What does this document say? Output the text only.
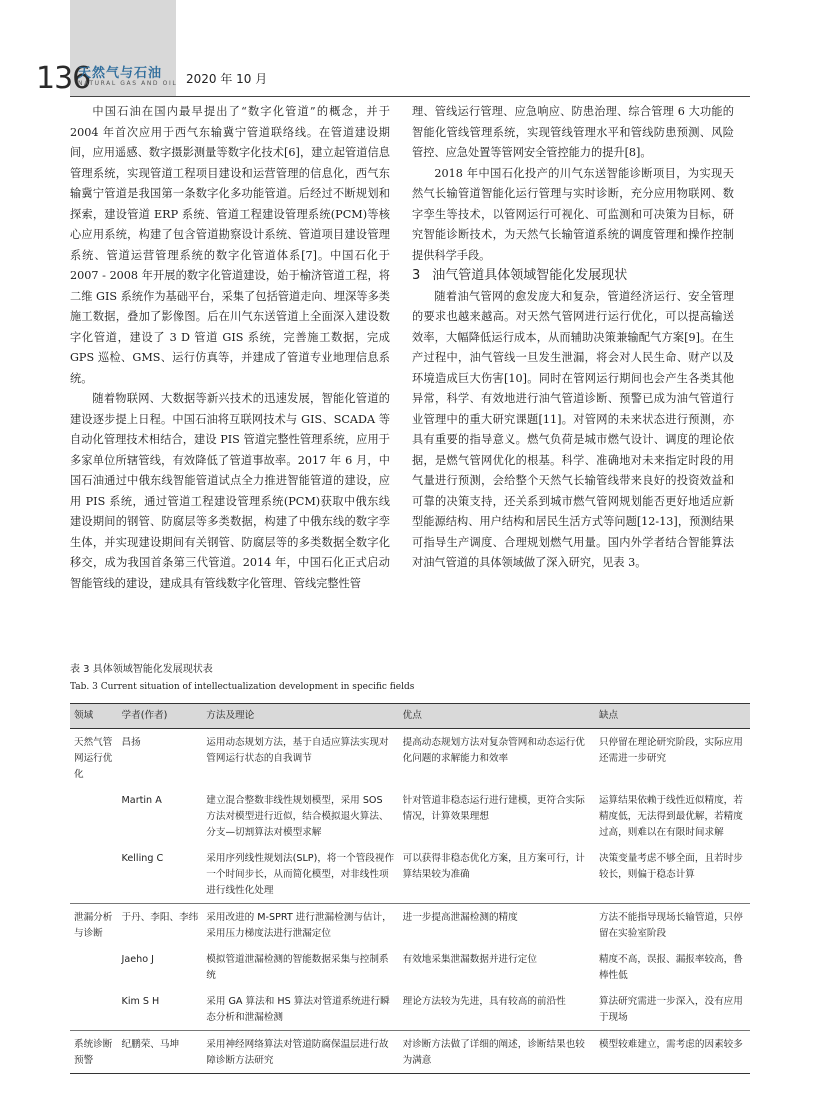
136
天然气与石油
NATURAL GAS AND OIL 2020 年 10 月

中国石油在国内最早提出了“数字化管道”的概念，并于 2004 年首次应用于西气东输冀宁管道联络线。在管道建设期间，应用遥感、数字摄影测量等数字化技术[6]，建立起管道信息管理系统，实现管道工程项目建设和运营管理的信息化，西气东输冀宁管道是我国第一条数字化多功能管道。后经过不断规划和探索，建设管道 ERP 系统、管道工程建设管理系统(PCM)等核心应用系统，构建了包含管道勘察设计系统、管道项目建设管理系统、管道运营管理系统的数字化管道体系[7]。中国石化于 2007 - 2008 年开展的数字化管道建设，始于榆济管道工程，将二维 GIS 系统作为基础平台，采集了包括管道走向、埋深等多类施工数据，叠加了影像图。后在川气东送管道上全面深入建设数字化管道，建设了 3 D 管道 GIS 系统，完善施工数据，完成 GPS 巡检、GMS、运行仿真等，并建成了管道专业地理信息系统。

随着物联网、大数据等新兴技术的迅速发展，智能化管道的建设逐步提上日程。中国石油将互联网技术与 GIS、SCADA 等自动化管理技术相结合，建设 PIS 管道完整性管理系统，应用于多家单位所辖管线，有效降低了管道事故率。2017 年 6 月，中国石油通过中俄东线智能管道试点全力推进智能管道的建设，应用 PIS 系统，通过管道工程建设管理系统(PCM)获取中俄东线建设期间的钢管、防腐层等多类数据，构建了中俄东线的数字孪生体，并实现建设期间有关钢管、防腐层等的多类数据全数字化移交，成为我国首条第三代管道。2014 年，中国石化正式启动智能管线的建设，建成具有管线数字化管理、管线完整性管

理、管线运行管理、应急响应、防患治理、综合管理 6 大功能的智能化管线管理系统，实现管线管理水平和管线防患预测、风险管控、应急处置等管网安全管控能力的提升[8]。

2018 年中国石化投产的川气东送智能诊断项目，为实现天然气长输管道智能化运行管理与实时诊断，充分应用物联网、数字孪生等技术，以管网运行可视化、可监测和可决策为目标，研究智能诊断技术，为天然气长输管道系统的调度管理和操作控制提供科学手段。

3 油气管道具体领域智能化发展现状

随着油气管网的愈发庞大和复杂，管道经济运行、安全管理的要求也越来越高。对天然气管网进行运行优化，可以提高输送效率，大幅降低运行成本，从而辅助决策兼输配气方案[9]。在生产过程中，油气管线一旦发生泄漏，将会对人民生命、财产以及环境造成巨大伤害[10]。同时在管网运行期间也会产生各类其他异常，科学、有效地进行油气管道诊断、预警已成为油气管道行业管理中的重大研究课题[11]。对管网的未来状态进行预测，亦具有重要的指导意义。燃气负荷是城市燃气设计、调度的理论依据，是燃气管网优化的根基。科学、准确地对未来指定时段的用气量进行预测，会给整个天然气长输管线带来良好的投资效益和可靠的决策支持，还关系到城市燃气管网规划能否更好地适应新型能源结构、用户结构和居民生活方式等问题[12-13]，预测结果可指导生产调度、合理规划燃气用量。国内外学者结合智能算法对油气管道的具体领域做了深入研究，见表 3。

表 3 具体领域智能化发展现状表
Tab. 3 Current situation of intellectualization development in specific fields
领域	学者(作者)	方法及理论	优点	缺点
天然气管网运行优化	昌扬	运用动态规划方法，基于自适应算法实现对管网运行状态的自我调节	提高动态规划方法对复杂管网和动态运行优化问题的求解能力和效率	只停留在理论研究阶段，实际应用还需进一步研究
	Martin A	建立混合整数非线性规划模型，采用 SOS 方法对模型进行近似，结合模拟退火算法、分支—切割算法对模型求解	针对管道非稳态运行进行建模，更符合实际情况，计算效果理想	运算结果依赖于线性近似精度，若精度低，无法得到最优解，若精度过高，则难以在有限时间求解
	Kelling C	采用序列线性规划法(SLP)，将一个管段视作一个时间步长，从而简化模型，对非线性项进行线性化处理	可以获得非稳态优化方案，且方案可行，计算结果较为准确	决策变量考虑不够全面，且若时步较长，则偏于稳态计算
泄漏分析与诊断	于丹、李阳、李纬	采用改进的 M-SPRT 进行泄漏检测与估计，采用压力梯度法进行泄漏定位	进一步提高泄漏检测的精度	方法不能指导现场长输管道，只停留在实验室阶段
	Jaeho J	模拟管道泄漏检测的智能数据采集与控制系统	有效地采集泄漏数据并进行定位	精度不高，误报、漏报率较高，鲁棒性低
	Kim S H	采用 GA 算法和 HS 算法对管道系统进行瞬态分析和泄漏检测	理论方法较为先进，具有较高的前沿性	算法研究需进一步深入，没有应用于现场
系统诊断预警	纪鹏荣、马坤	采用神经网络算法对管道防腐保温层进行故障诊断方法研究	对诊断方法做了详细的阐述，诊断结果也较为满意	模型较难建立，需考虑的因素较多
